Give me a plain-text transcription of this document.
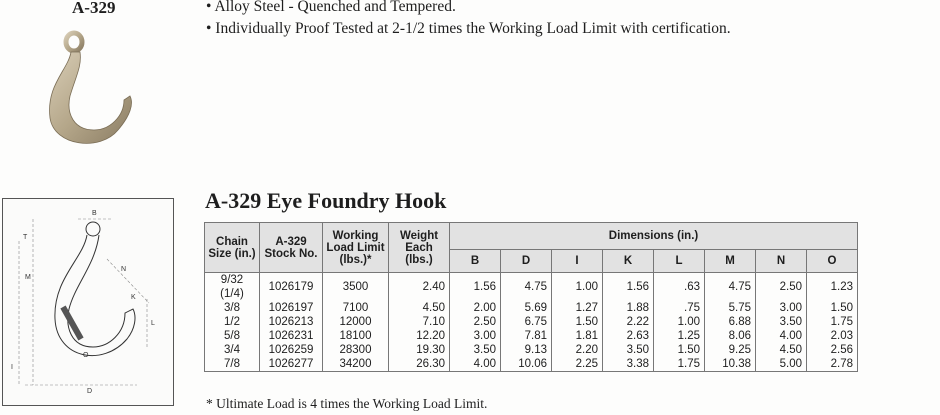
A-329	• Alloy Steel - Quenched and Tempered.
• Individually Proof Tested at 2-1/2 times the Working Load Limit with certification.
B
T
M
I
D
N
K
L
O
A-329 Eye Foundry Hook
Chain Size (in.)	A-329 Stock No.	Working Load Limit (lbs.)*	Weight Each (lbs.)	Dimensions (in.)							
				B	D	I	K	L	M	N	O
9/32 (1/4)	1026179	3500	2.40	1.56	4.75	1.00	1.56	.63	4.75	2.50	1.23
3/8	1026197	7100	4.50	2.00	5.69	1.27	1.88	.75	5.75	3.00	1.50
1/2	1026213	12000	7.10	2.50	6.75	1.50	2.22	1.00	6.88	3.50	1.75
5/8	1026231	18100	12.20	3.00	7.81	1.81	2.63	1.25	8.06	4.00	2.03
3/4	1026259	28300	19.30	3.50	9.13	2.20	3.50	1.50	9.25	4.50	2.56
7/8	1026277	34200	26.30	4.00	10.06	2.25	3.38	1.75	10.38	5.00	2.78
* Ultimate Load is 4 times the Working Load Limit.
